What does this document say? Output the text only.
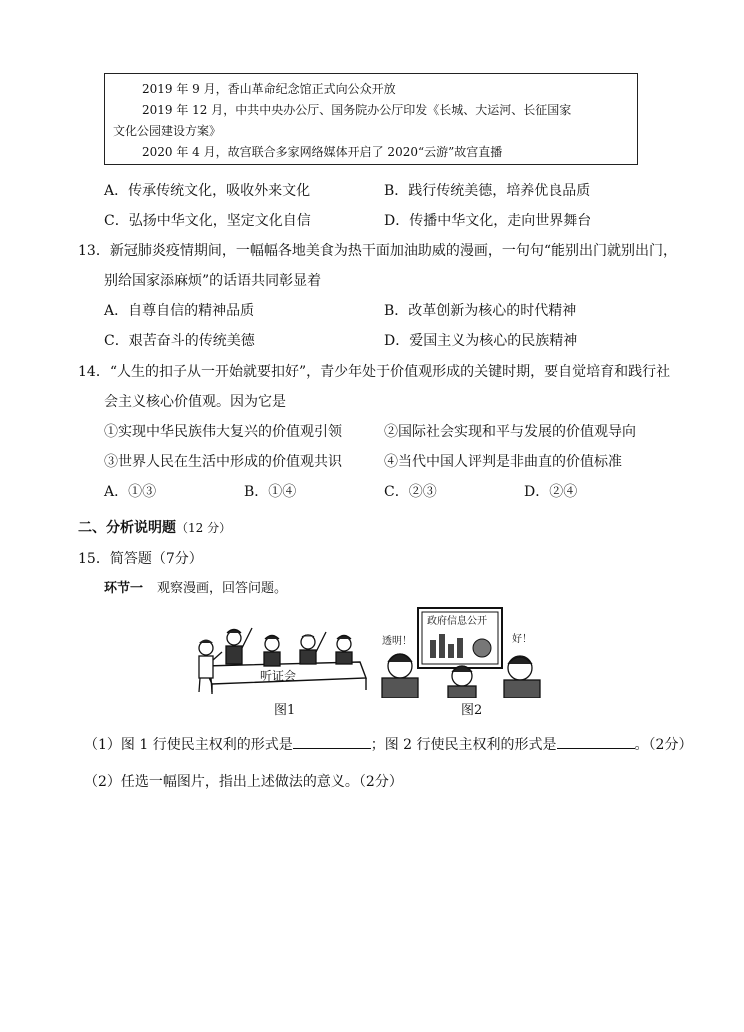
2019 年 9 月，香山革命纪念馆正式向公众开放
2019 年 12 月，中共中央办公厅、国务院办公厅印发《长城、大运河、长征国家
文化公园建设方案》
2020 年 4 月，故宫联合多家网络媒体开启了 2020“云游”故宫直播
A．传承传统文化，吸收外来文化	B．践行传统美德，培养优良品质
C．弘扬中华文化，坚定文化自信	D．传播中华文化，走向世界舞台
13．新冠肺炎疫情期间，一幅幅各地美食为热干面加油助威的漫画，一句句“能别出门就别出门，
别给国家添麻烦”的话语共同彰显着
A．自尊自信的精神品质	B．改革创新为核心的时代精神
C．艰苦奋斗的传统美德	D．爱国主义为核心的民族精神
14．“人生的扣子从一开始就要扣好”，青少年处于价值观形成的关键时期，要自觉培育和践行社
会主义核心价值观。因为它是
①实现中华民族伟大复兴的价值观引领	②国际社会实现和平与发展的价值观导向
③世界人民在生活中形成的价值观共识	④当代中国人评判是非曲直的价值标准
A．①③	B．①④	C．②③	D．②④
二、分析说明题（12 分）
15．简答题（7分）
环节一 观察漫画，回答问题。
听证会
政府信息公开
透明！	好！
图1	图2
（1）图 1 行使民主权利的形式是	；图 2 行使民主权利的形式是	。（2分）
（2）任选一幅图片，指出上述做法的意义。（2分）
